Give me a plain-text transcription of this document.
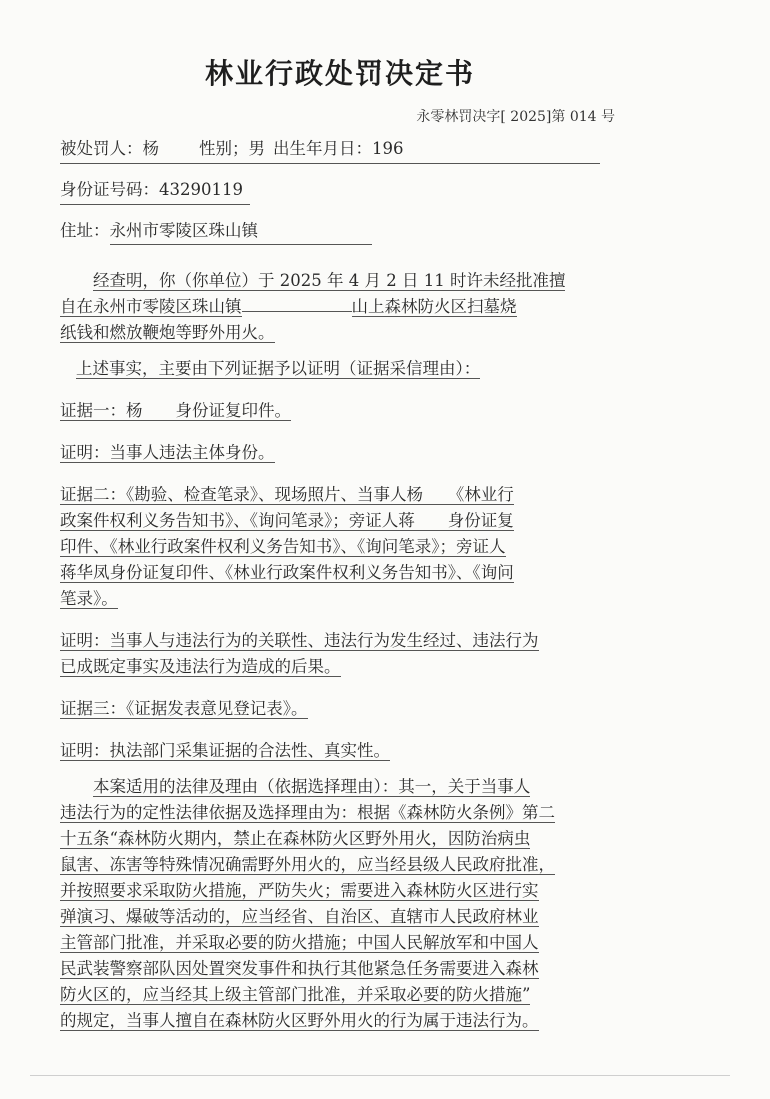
林业行政处罚决定书
永零林罚决字[ 2025]第 014 号
被处罚人：杨 性别；男 出生年月日：196
身份证号码：43290119
住址：永州市零陵区珠山镇
经查明，你（你单位）于 2025 年 4 月 2 日 11 时许未经批准擅
自在永州市零陵区珠山镇	山上森林防火区扫墓烧
纸钱和燃放鞭炮等野外用火。
上述事实，主要由下列证据予以证明（证据采信理由）：
证据一：杨　　身份证复印件。
证明：当事人违法主体身份。
证据二：《勘验、检查笔录》、现场照片、当事人杨　　《林业行
政案件权利义务告知书》、《询问笔录》；旁证人蒋　　身份证复
印件、《林业行政案件权利义务告知书》、《询问笔录》；旁证人
蒋华凤身份证复印件、《林业行政案件权利义务告知书》、《询问
笔录》。
证明：当事人与违法行为的关联性、违法行为发生经过、违法行为
已成既定事实及违法行为造成的后果。
证据三：《证据发表意见登记表》。
证明：执法部门采集证据的合法性、真实性。
本案适用的法律及理由（依据选择理由）：其一，关于当事人
违法行为的定性法律依据及选择理由为：根据《森林防火条例》第二
十五条“森林防火期内，禁止在森林防火区野外用火，因防治病虫
鼠害、冻害等特殊情况确需野外用火的，应当经县级人民政府批准，
并按照要求采取防火措施，严防失火；需要进入森林防火区进行实
弹演习、爆破等活动的，应当经省、自治区、直辖市人民政府林业
主管部门批准，并采取必要的防火措施；中国人民解放军和中国人
民武装警察部队因处置突发事件和执行其他紧急任务需要进入森林
防火区的，应当经其上级主管部门批准，并采取必要的防火措施”
的规定，当事人擅自在森林防火区野外用火的行为属于违法行为。
